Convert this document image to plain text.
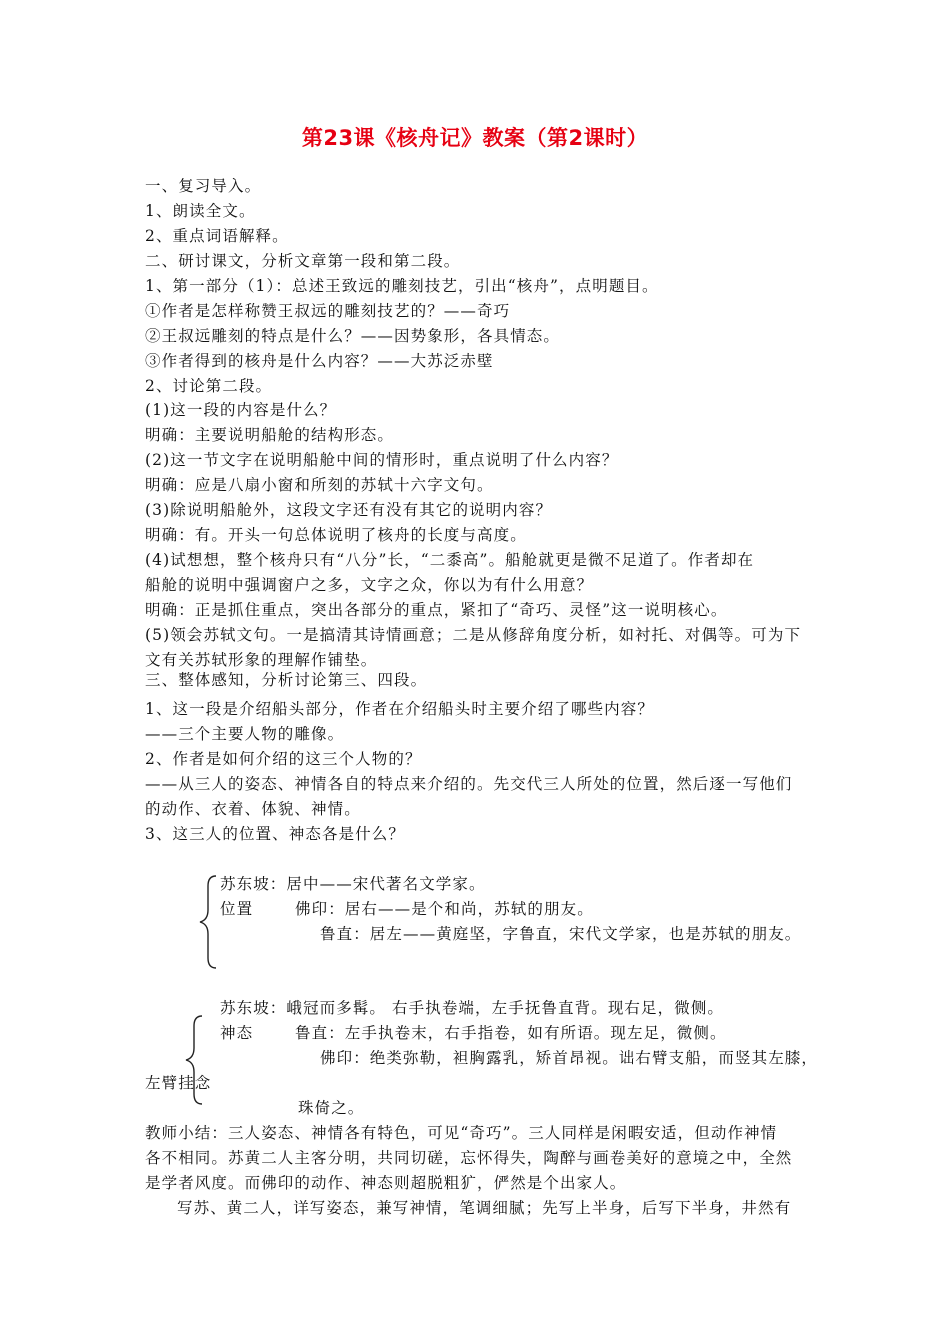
第23课《核舟记》教案（第2课时）
一、复习导入。
1、朗读全文。
2、重点词语解释。
二、研讨课文，分析文章第一段和第二段。
1、第一部分（1）：总述王致远的雕刻技艺，引出“核舟”，点明题目。
①作者是怎样称赞王叔远的雕刻技艺的？——奇巧
②王叔远雕刻的特点是什么？——因势象形，各具情态。
③作者得到的核舟是什么内容？——大苏泛赤壁
2、讨论第二段。
(1)这一段的内容是什么？
明确：主要说明船舱的结构形态。
(2)这一节文字在说明船舱中间的情形时，重点说明了什么内容？
明确：应是八扇小窗和所刻的苏轼十六字文句。
(3)除说明船舱外，这段文字还有没有其它的说明内容？
明确：有。开头一句总体说明了核舟的长度与高度。
(4)试想想，整个核舟只有“八分”长，“二黍高”。船舱就更是微不足道了。作者却在
船舱的说明中强调窗户之多，文字之众，你以为有什么用意？
明确：正是抓住重点，突出各部分的重点，紧扣了“奇巧、灵怪”这一说明核心。
(5)领会苏轼文句。一是搞清其诗情画意；二是从修辞角度分析，如衬托、对偶等。可为下
文有关苏轼形象的理解作铺垫。
三、整体感知，分析讨论第三、四段。
1、这一段是介绍船头部分，作者在介绍船头时主要介绍了哪些内容？
——三个主要人物的雕像。
2、作者是如何介绍的这三个人物的？
——从三人的姿态、神情各自的特点来介绍的。先交代三人所处的位置，然后逐一写他们
的动作、衣着、体貌、神情。
3、这三人的位置、神态各是什么？
苏东坡：居中——宋代著名文学家。
位置	佛印：居右——是个和尚，苏轼的朋友。
鲁直：居左——黄庭坚，字鲁直，宋代文学家，也是苏轼的朋友。
苏东坡：峨冠而多髯。 右手执卷端，左手抚鲁直背。现右足，微侧。
神态	鲁直：左手执卷末，右手指卷，如有所语。现左足，微侧。
佛印：绝类弥勒，袒胸露乳，矫首昂视。诎右臂支船，而竖其左膝，
左臂挂念
珠倚之。
教师小结：三人姿态、神情各有特色，可见“奇巧”。三人同样是闲暇安适，但动作神情
各不相同。苏黄二人主客分明，共同切磋，忘怀得失，陶醉与画卷美好的意境之中，全然
是学者风度。而佛印的动作、神态则超脱粗犷，俨然是个出家人。
写苏、黄二人，详写姿态，兼写神情，笔调细腻；先写上半身，后写下半身，井然有
